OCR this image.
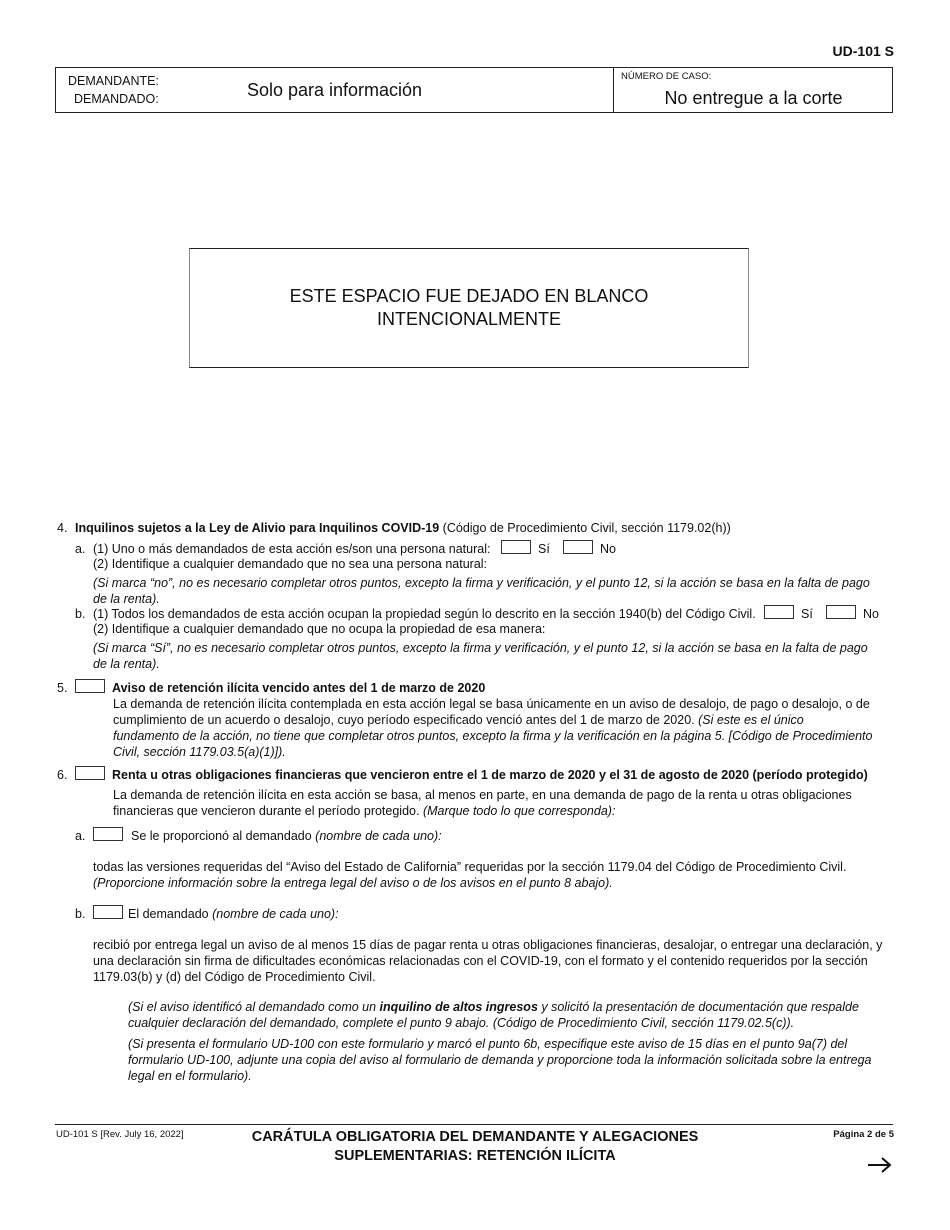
UD-101 S
DEMANDANTE:
DEMANDADO:	Solo para información
NÚMERO DE CASO:
No entregue a la corte
ESTE ESPACIO FUE DEJADO EN BLANCO
INTENCIONALMENTE
4. Inquilinos sujetos a la Ley de Alivio para Inquilinos COVID-19 (Código de Procedimiento Civil, sección 1179.02(h))
a. (1) Uno o más demandados de esta acción es/son una persona natural:	Sí	No
(2) Identifique a cualquier demandado que no sea una persona natural:
(Si marca “no”, no es necesario completar otros puntos, excepto la firma y verificación, y el punto 12, si la acción se basa en la falta de pago de la renta).
b. (1) Todos los demandados de esta acción ocupan la propiedad según lo descrito en la sección 1940(b) del Código Civil.	Sí	No
(2) Identifique a cualquier demandado que no ocupa la propiedad de esa manera:
(Si marca “Sí”, no es necesario completar otros puntos, excepto la firma y verificación, y el punto 12, si la acción se basa en la falta de pago de la renta).
5.	Aviso de retención ilícita vencido antes del 1 de marzo de 2020
La demanda de retención ilícita contemplada en esta acción legal se basa únicamente en un aviso de desalojo, de pago o desalojo, o de cumplimiento de un acuerdo o desalojo, cuyo período especificado venció antes del 1 de marzo de 2020. (Si este es el único fundamento de la acción, no tiene que completar otros puntos, excepto la firma y la verificación en la página 5. [Código de Procedimiento Civil, sección 1179.03.5(a)(1)]).
6.	Renta u otras obligaciones financieras que vencieron entre el 1 de marzo de 2020 y el 31 de agosto de 2020 (período protegido)
La demanda de retención ilícita en esta acción se basa, al menos en parte, en una demanda de pago de la renta u otras obligaciones financieras que vencieron durante el período protegido. (Marque todo lo que corresponda):
a.	Se le proporcionó al demandado (nombre de cada uno):
todas las versiones requeridas del “Aviso del Estado de California” requeridas por la sección 1179.04 del Código de Procedimiento Civil.
(Proporcione información sobre la entrega legal del aviso o de los avisos en el punto 8 abajo).
b.	El demandado (nombre de cada uno):
recibió por entrega legal un aviso de al menos 15 días de pagar renta u otras obligaciones financieras, desalojar, o entregar una declaración, y una declaración sin firma de dificultades económicas relacionadas con el COVID-19, con el formato y el contenido requeridos por la sección 1179.03(b) y (d) del Código de Procedimiento Civil.
(Si el aviso identificó al demandado como un inquilino de altos ingresos y solicitó la presentación de documentación que respalde cualquier declaración del demandado, complete el punto 9 abajo. (Código de Procedimiento Civil, sección 1179.02.5(c)).
(Si presenta el formulario UD-100 con este formulario y marcó el punto 6b, especifique este aviso de 15 días en el punto 9a(7) del formulario UD-100, adjunte una copia del aviso al formulario de demanda y proporcione toda la información solicitada sobre la entrega legal en el formulario).
UD-101 S [Rev. July 16, 2022]	CARÁTULA OBLIGATORIA DEL DEMANDANTE Y ALEGACIONES
SUPLEMENTARIAS: RETENCIÓN ILÍCITA
Página 2 de 5
